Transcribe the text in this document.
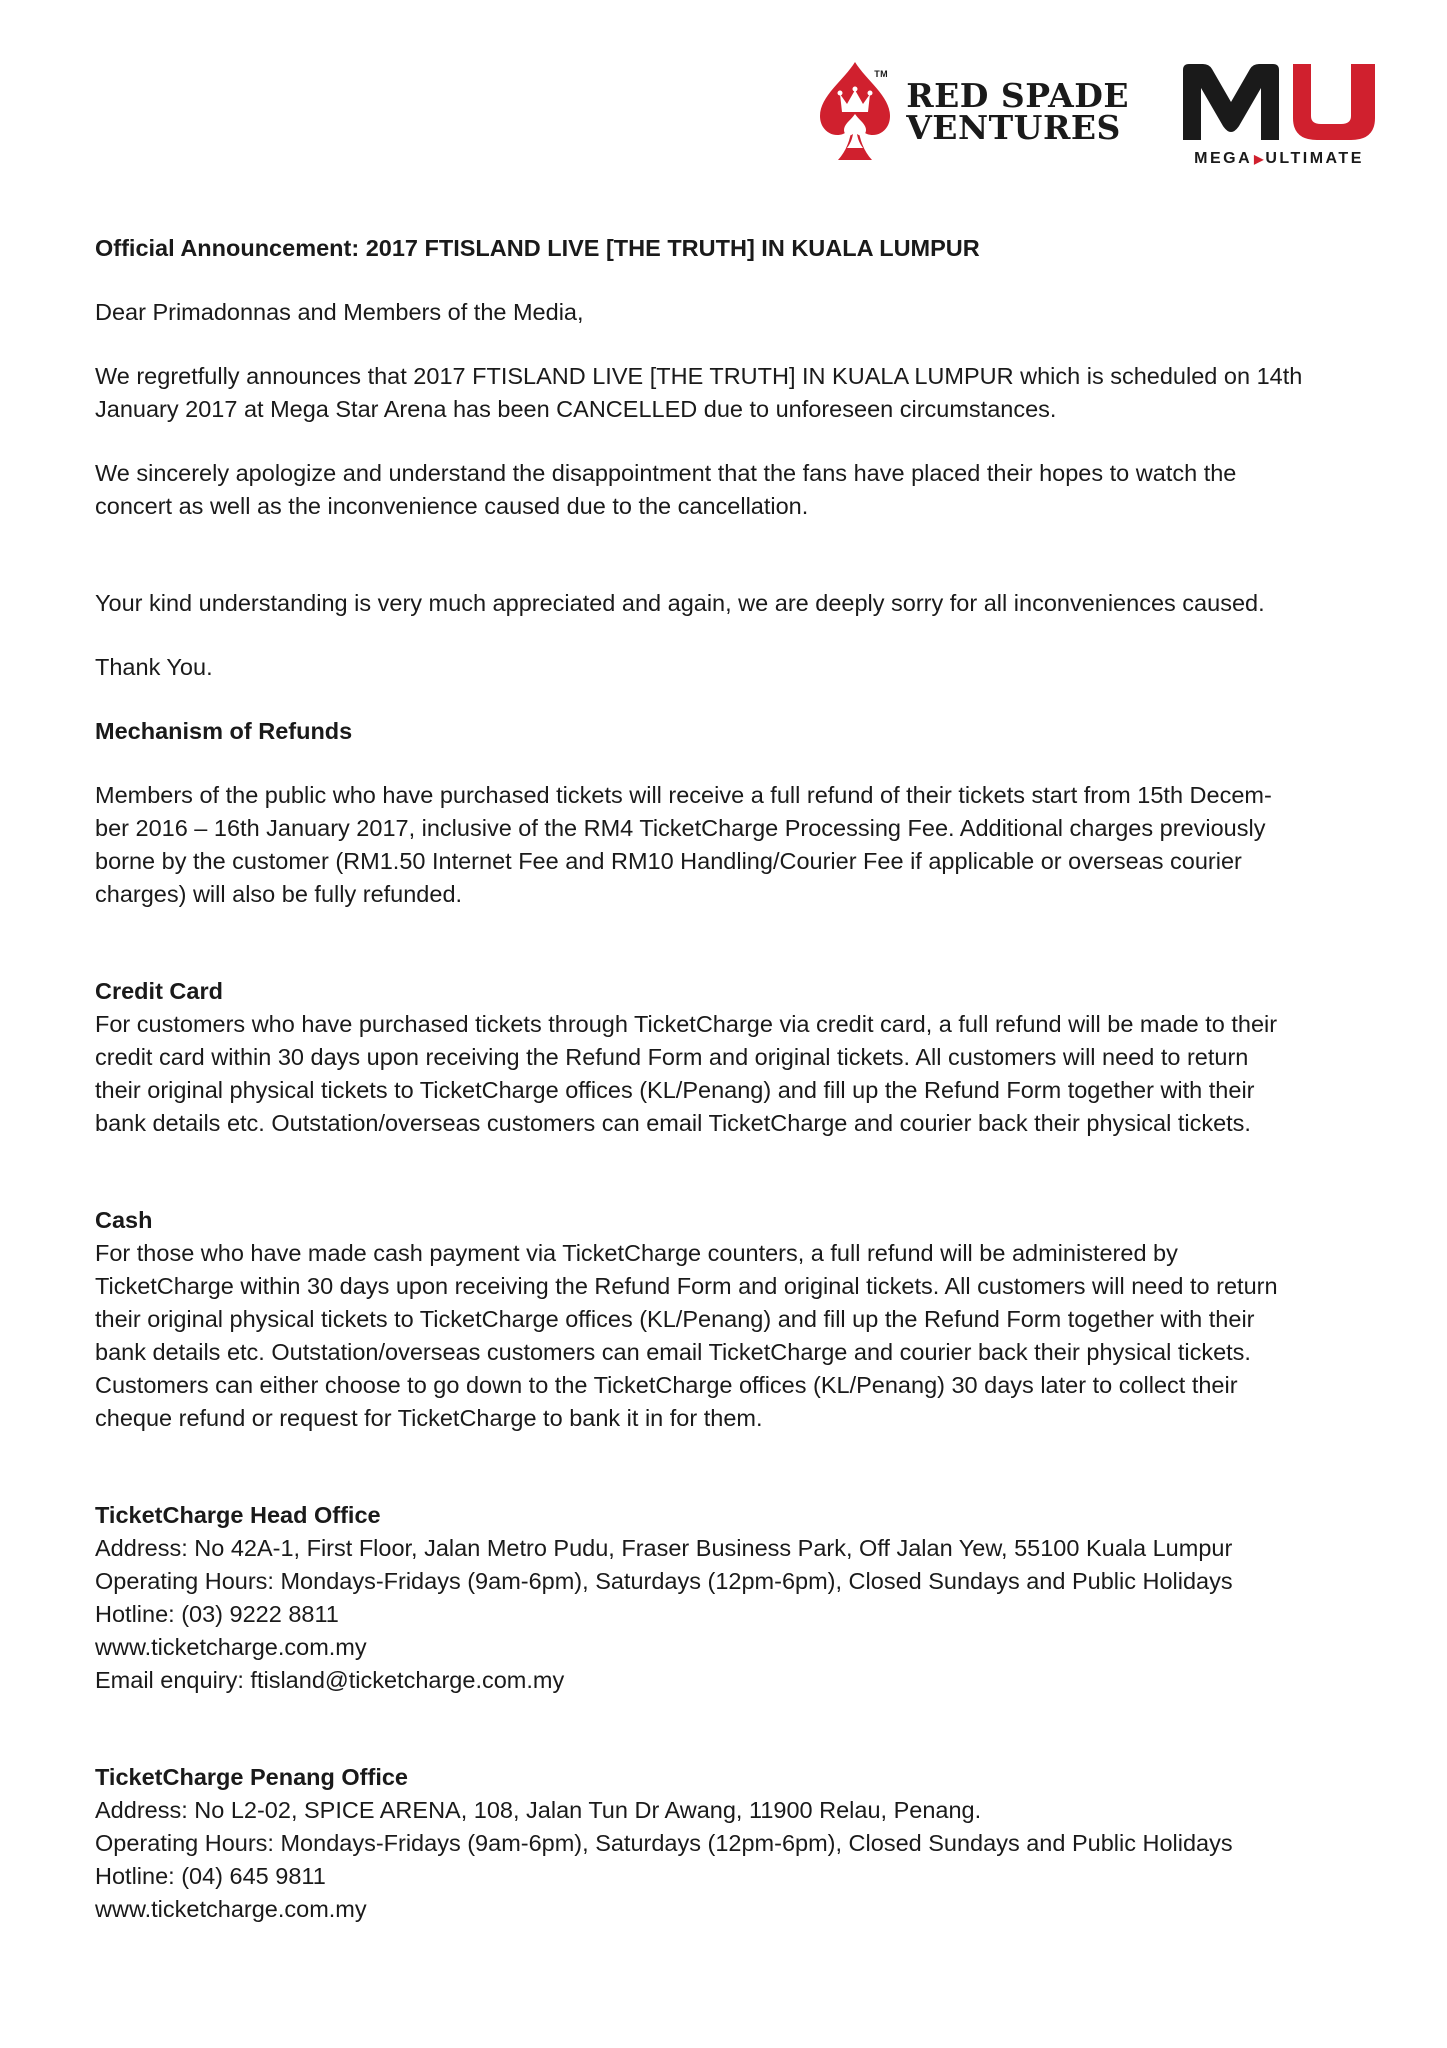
TM
RED SPADE
VENTURES
MEGA ▶ ULTIMATE

Official Announcement: 2017 FTISLAND LIVE [THE TRUTH] IN KUALA LUMPUR

Dear Primadonnas and Members of the Media,

We regretfully announces that 2017 FTISLAND LIVE [THE TRUTH] IN KUALA LUMPUR which is scheduled on 14th
January 2017 at Mega Star Arena has been CANCELLED due to unforeseen circumstances.

We sincerely apologize and understand the disappointment that the fans have placed their hopes to watch the
concert as well as the inconvenience caused due to the cancellation.

Your kind understanding is very much appreciated and again, we are deeply sorry for all inconveniences caused.

Thank You.

Mechanism of Refunds

Members of the public who have purchased tickets will receive a full refund of their tickets start from 15th Decem-
ber 2016 – 16th January 2017, inclusive of the RM4 TicketCharge Processing Fee. Additional charges previously
borne by the customer (RM1.50 Internet Fee and RM10 Handling/Courier Fee if applicable or overseas courier
charges) will also be fully refunded.

Credit Card
For customers who have purchased tickets through TicketCharge via credit card, a full refund will be made to their
credit card within 30 days upon receiving the Refund Form and original tickets. All customers will need to return
their original physical tickets to TicketCharge offices (KL/Penang) and fill up the Refund Form together with their
bank details etc. Outstation/overseas customers can email TicketCharge and courier back their physical tickets.

Cash
For those who have made cash payment via TicketCharge counters, a full refund will be administered by
TicketCharge within 30 days upon receiving the Refund Form and original tickets. All customers will need to return
their original physical tickets to TicketCharge offices (KL/Penang) and fill up the Refund Form together with their
bank details etc. Outstation/overseas customers can email TicketCharge and courier back their physical tickets.
Customers can either choose to go down to the TicketCharge offices (KL/Penang) 30 days later to collect their
cheque refund or request for TicketCharge to bank it in for them.

TicketCharge Head Office
Address: No 42A-1, First Floor, Jalan Metro Pudu, Fraser Business Park, Off Jalan Yew, 55100 Kuala Lumpur
Operating Hours: Mondays-Fridays (9am-6pm), Saturdays (12pm-6pm), Closed Sundays and Public Holidays
Hotline: (03) 9222 8811
www.ticketcharge.com.my
Email enquiry: ftisland@ticketcharge.com.my

TicketCharge Penang Office
Address: No L2-02, SPICE ARENA, 108, Jalan Tun Dr Awang, 11900 Relau, Penang.
Operating Hours: Mondays-Fridays (9am-6pm), Saturdays (12pm-6pm), Closed Sundays and Public Holidays
Hotline: (04) 645 9811
www.ticketcharge.com.my
